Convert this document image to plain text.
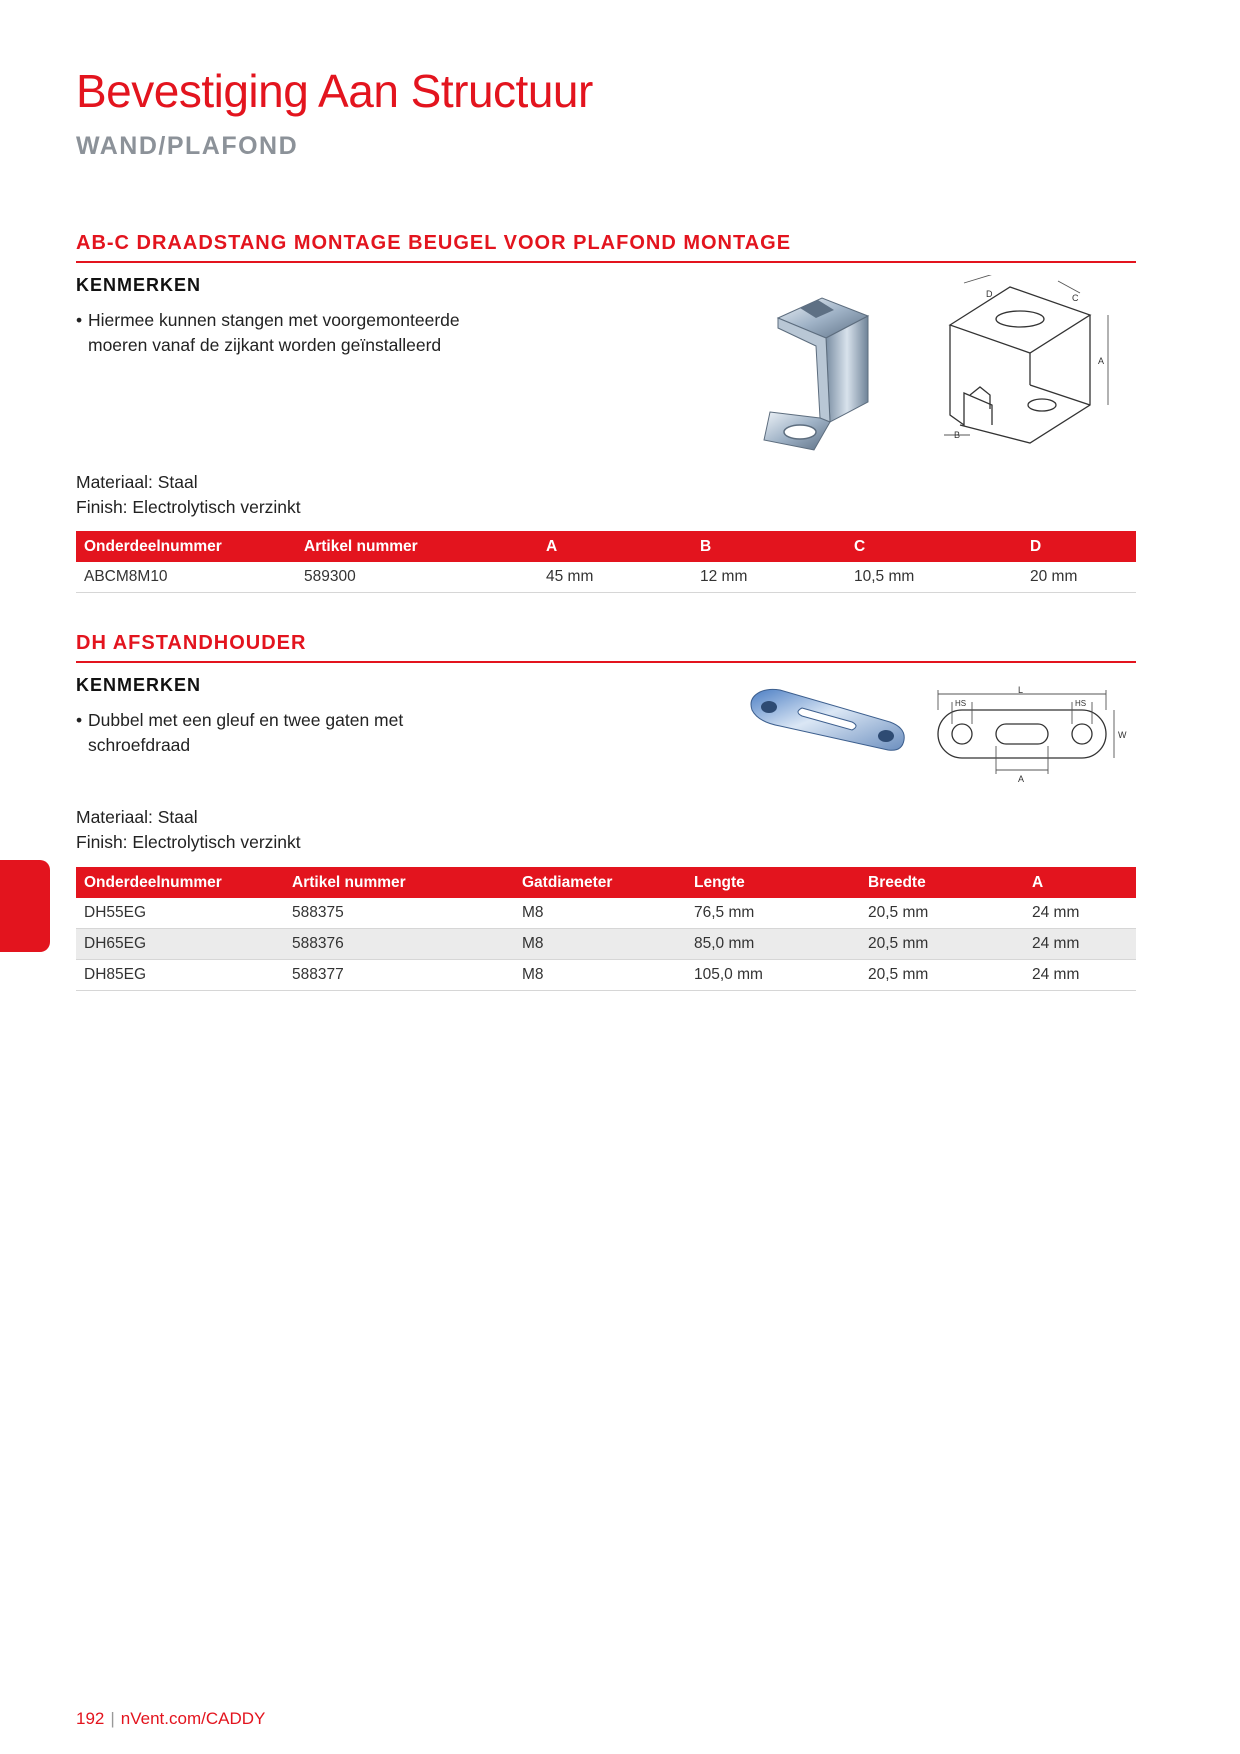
Bevestiging Aan Structuur
WAND/PLAFOND
AB-C DRAADSTANG MONTAGE BEUGEL VOOR PLAFOND MONTAGE
KENMERKEN
• Hiermee kunnen stangen met voorgemonteerde moeren vanaf de zijkant worden geïnstalleerd
D	C
A
B
Materiaal: Staal
Finish: Electrolytisch verzinkt
Onderdeelnummer	Artikel nummer	A	B	C	D
ABCM8M10	589300	45 mm	12 mm	10,5 mm	20 mm
DH AFSTANDHOUDER
KENMERKEN
• Dubbel met een gleuf en twee gaten met schroefdraad
L
HS	HS
W
A
Materiaal: Staal
Finish: Electrolytisch verzinkt
Onderdeelnummer	Artikel nummer	Gatdiameter	Lengte	Breedte	A
DH55EG	588375	M8	76,5 mm	20,5 mm	24 mm
DH65EG	588376	M8	85,0 mm	20,5 mm	24 mm
DH85EG	588377	M8	105,0 mm	20,5 mm	24 mm
192 | nVent.com/CADDY
